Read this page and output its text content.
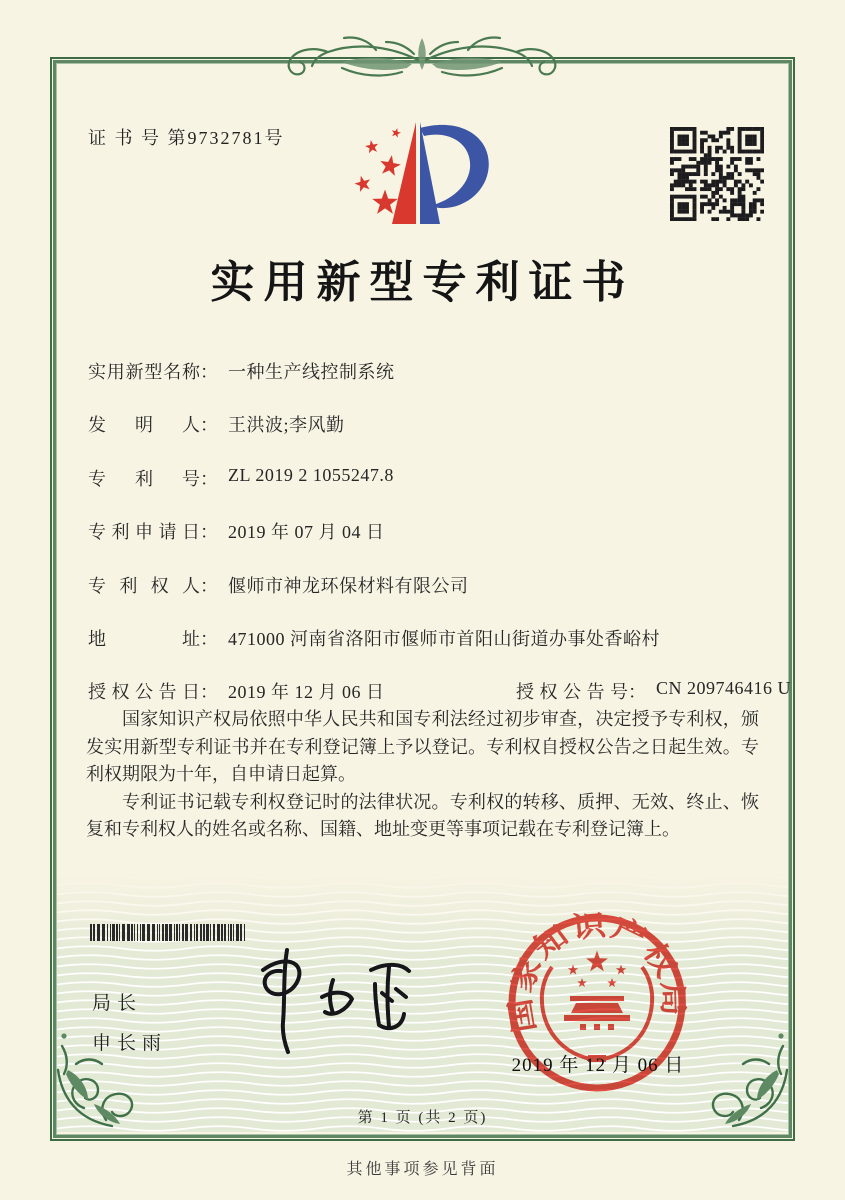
证 书 号 第9732781号
实用新型专利证书
实用新型名称： 一种生产线控制系统
发明人： 王洪波;李风勤
专利号： ZL 2019 2 1055247.8
专利申请日： 2019 年 07 月 04 日
专利权人： 偃师市神龙环保材料有限公司
地址： 471000 河南省洛阳市偃师市首阳山街道办事处香峪村
授权公告日： 2019 年 12 月 06 日	授权公告号： CN 209746416 U

国家知识产权局依照中华人民共和国专利法经过初步审查，决定授予专利权，颁发实用新型专利证书并在专利登记簿上予以登记。专利权自授权公告之日起生效。专利权期限为十年，自申请日起算。

专利证书记载专利权登记时的法律状况。专利权的转移、质押、无效、终止、恢复和专利权人的姓名或名称、国籍、地址变更等事项记载在专利登记簿上。

局长
申长雨
国家知识产权局
2019 年 12 月 06 日
第 1 页 (共 2 页)
其他事项参见背面
